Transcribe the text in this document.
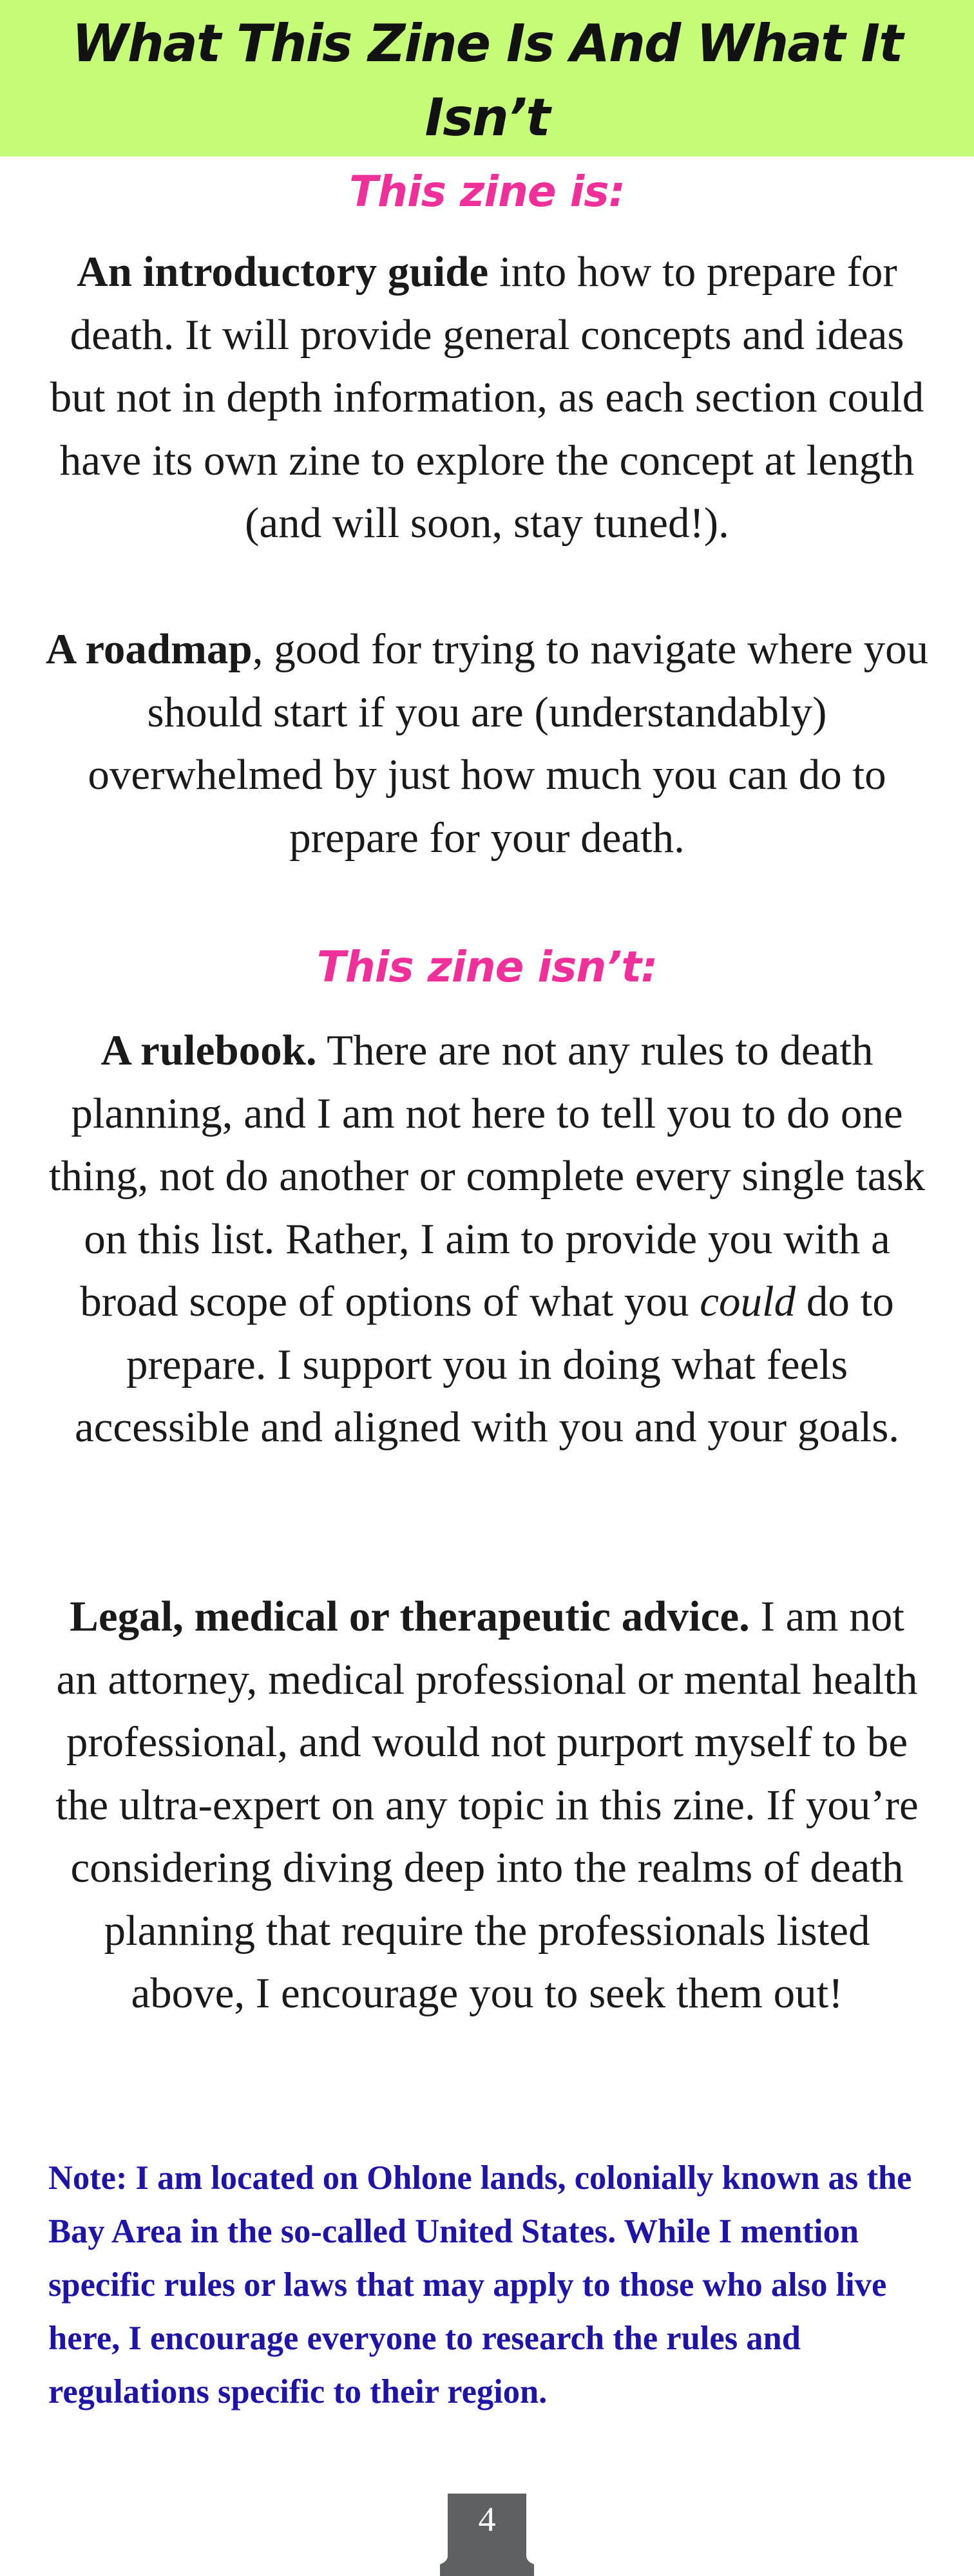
What This Zine Is And What It Isn’t
This zine is:

An introductory guide into how to prepare for death. It will provide general concepts and ideas but not in depth information, as each section could have its own zine to explore the concept at length (and will soon, stay tuned!).

A roadmap, good for trying to navigate where you should start if you are (understandably) overwhelmed by just how much you can do to prepare for your death.

This zine isn’t:

A rulebook. There are not any rules to death planning, and I am not here to tell you to do one thing, not do another or complete every single task on this list. Rather, I aim to provide you with a broad scope of options of what you could do to prepare. I support you in doing what feels accessible and aligned with you and your goals.

Legal, medical or therapeutic advice. I am not an attorney, medical professional or mental health professional, and would not purport myself to be the ultra-expert on any topic in this zine. If you’re considering diving deep into the realms of death planning that require the professionals listed above, I encourage you to seek them out!

Note: I am located on Ohlone lands, colonially known as the Bay Area in the so-called United States. While I mention specific rules or laws that may apply to those who also live here, I encourage everyone to research the rules and regulations specific to their region.

4
